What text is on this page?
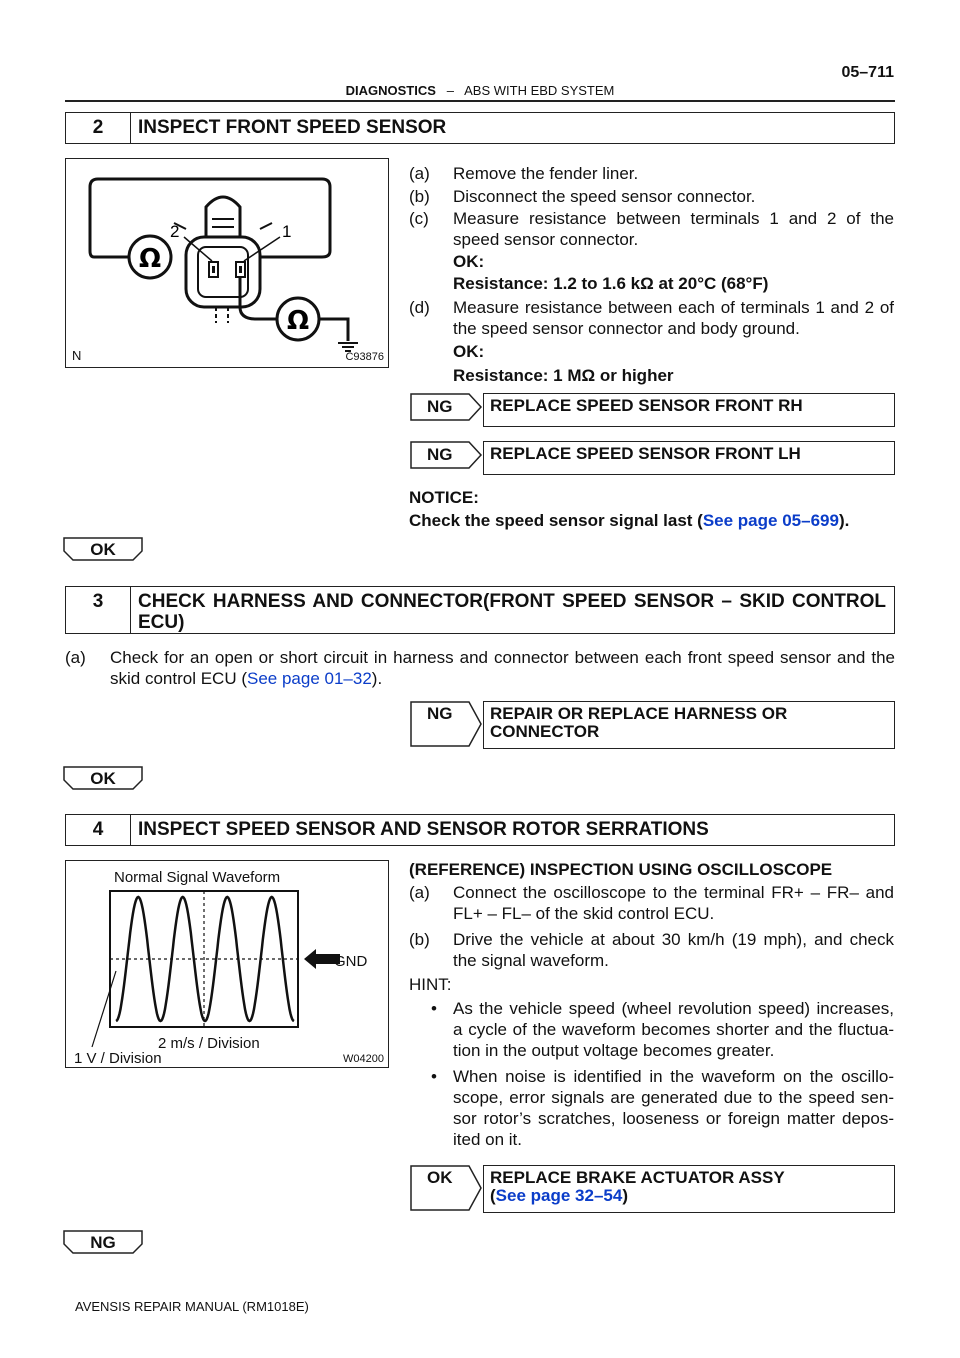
05–711
DIAGNOSTICS – ABS WITH EBD SYSTEM
2	INSPECT FRONT SPEED SENSOR
Ω
Ω
2	1
N	C93876
(a) Remove the fender liner.
(b) Disconnect the speed sensor connector.
(c) Measure resistance between terminals 1 and 2 of the speed sensor connector.
OK:
Resistance: 1.2 to 1.6 kΩ at 20°C (68°F)
(d) Measure resistance between each of terminals 1 and 2 of the speed sensor connector and body ground.
OK:
Resistance: 1 MΩ or higher
NG	REPLACE SPEED SENSOR FRONT RH
NG	REPLACE SPEED SENSOR FRONT LH
NOTICE:
Check the speed sensor signal last (See page 05–699).
OK
3	CHECK HARNESS AND CONNECTOR(FRONT SPEED SENSOR – SKID CONTROL ECU)
(a) Check for an open or short circuit in harness and connector between each front speed sensor and the skid control ECU (See page 01–32).
NG	REPAIR OR REPLACE HARNESS OR CONNECTOR
OK
4	INSPECT SPEED SENSOR AND SENSOR ROTOR SERRATIONS
Normal Signal Waveform
GND
2 m/s / Division
1 V / Division	W04200
(REFERENCE) INSPECTION USING OSCILLOSCOPE
(a) Connect the oscilloscope to the terminal FR+ – FR– and FL+ – FL– of the skid control ECU.
(b) Drive the vehicle at about 30 km/h (19 mph), and check the signal waveform.
HINT:
• As the vehicle speed (wheel revolution speed) increases, a cycle of the waveform becomes shorter and the fluctua-tion in the output voltage becomes greater.
• When noise is identified in the waveform on the oscillo-scope, error signals are generated due to the speed sen-sor rotor’s scratches, looseness or foreign matter depos-ited on it.
OK REPLACE BRAKE ACTUATOR ASSY
(See page 32–54)
NG
AVENSIS REPAIR MANUAL (RM1018E)
